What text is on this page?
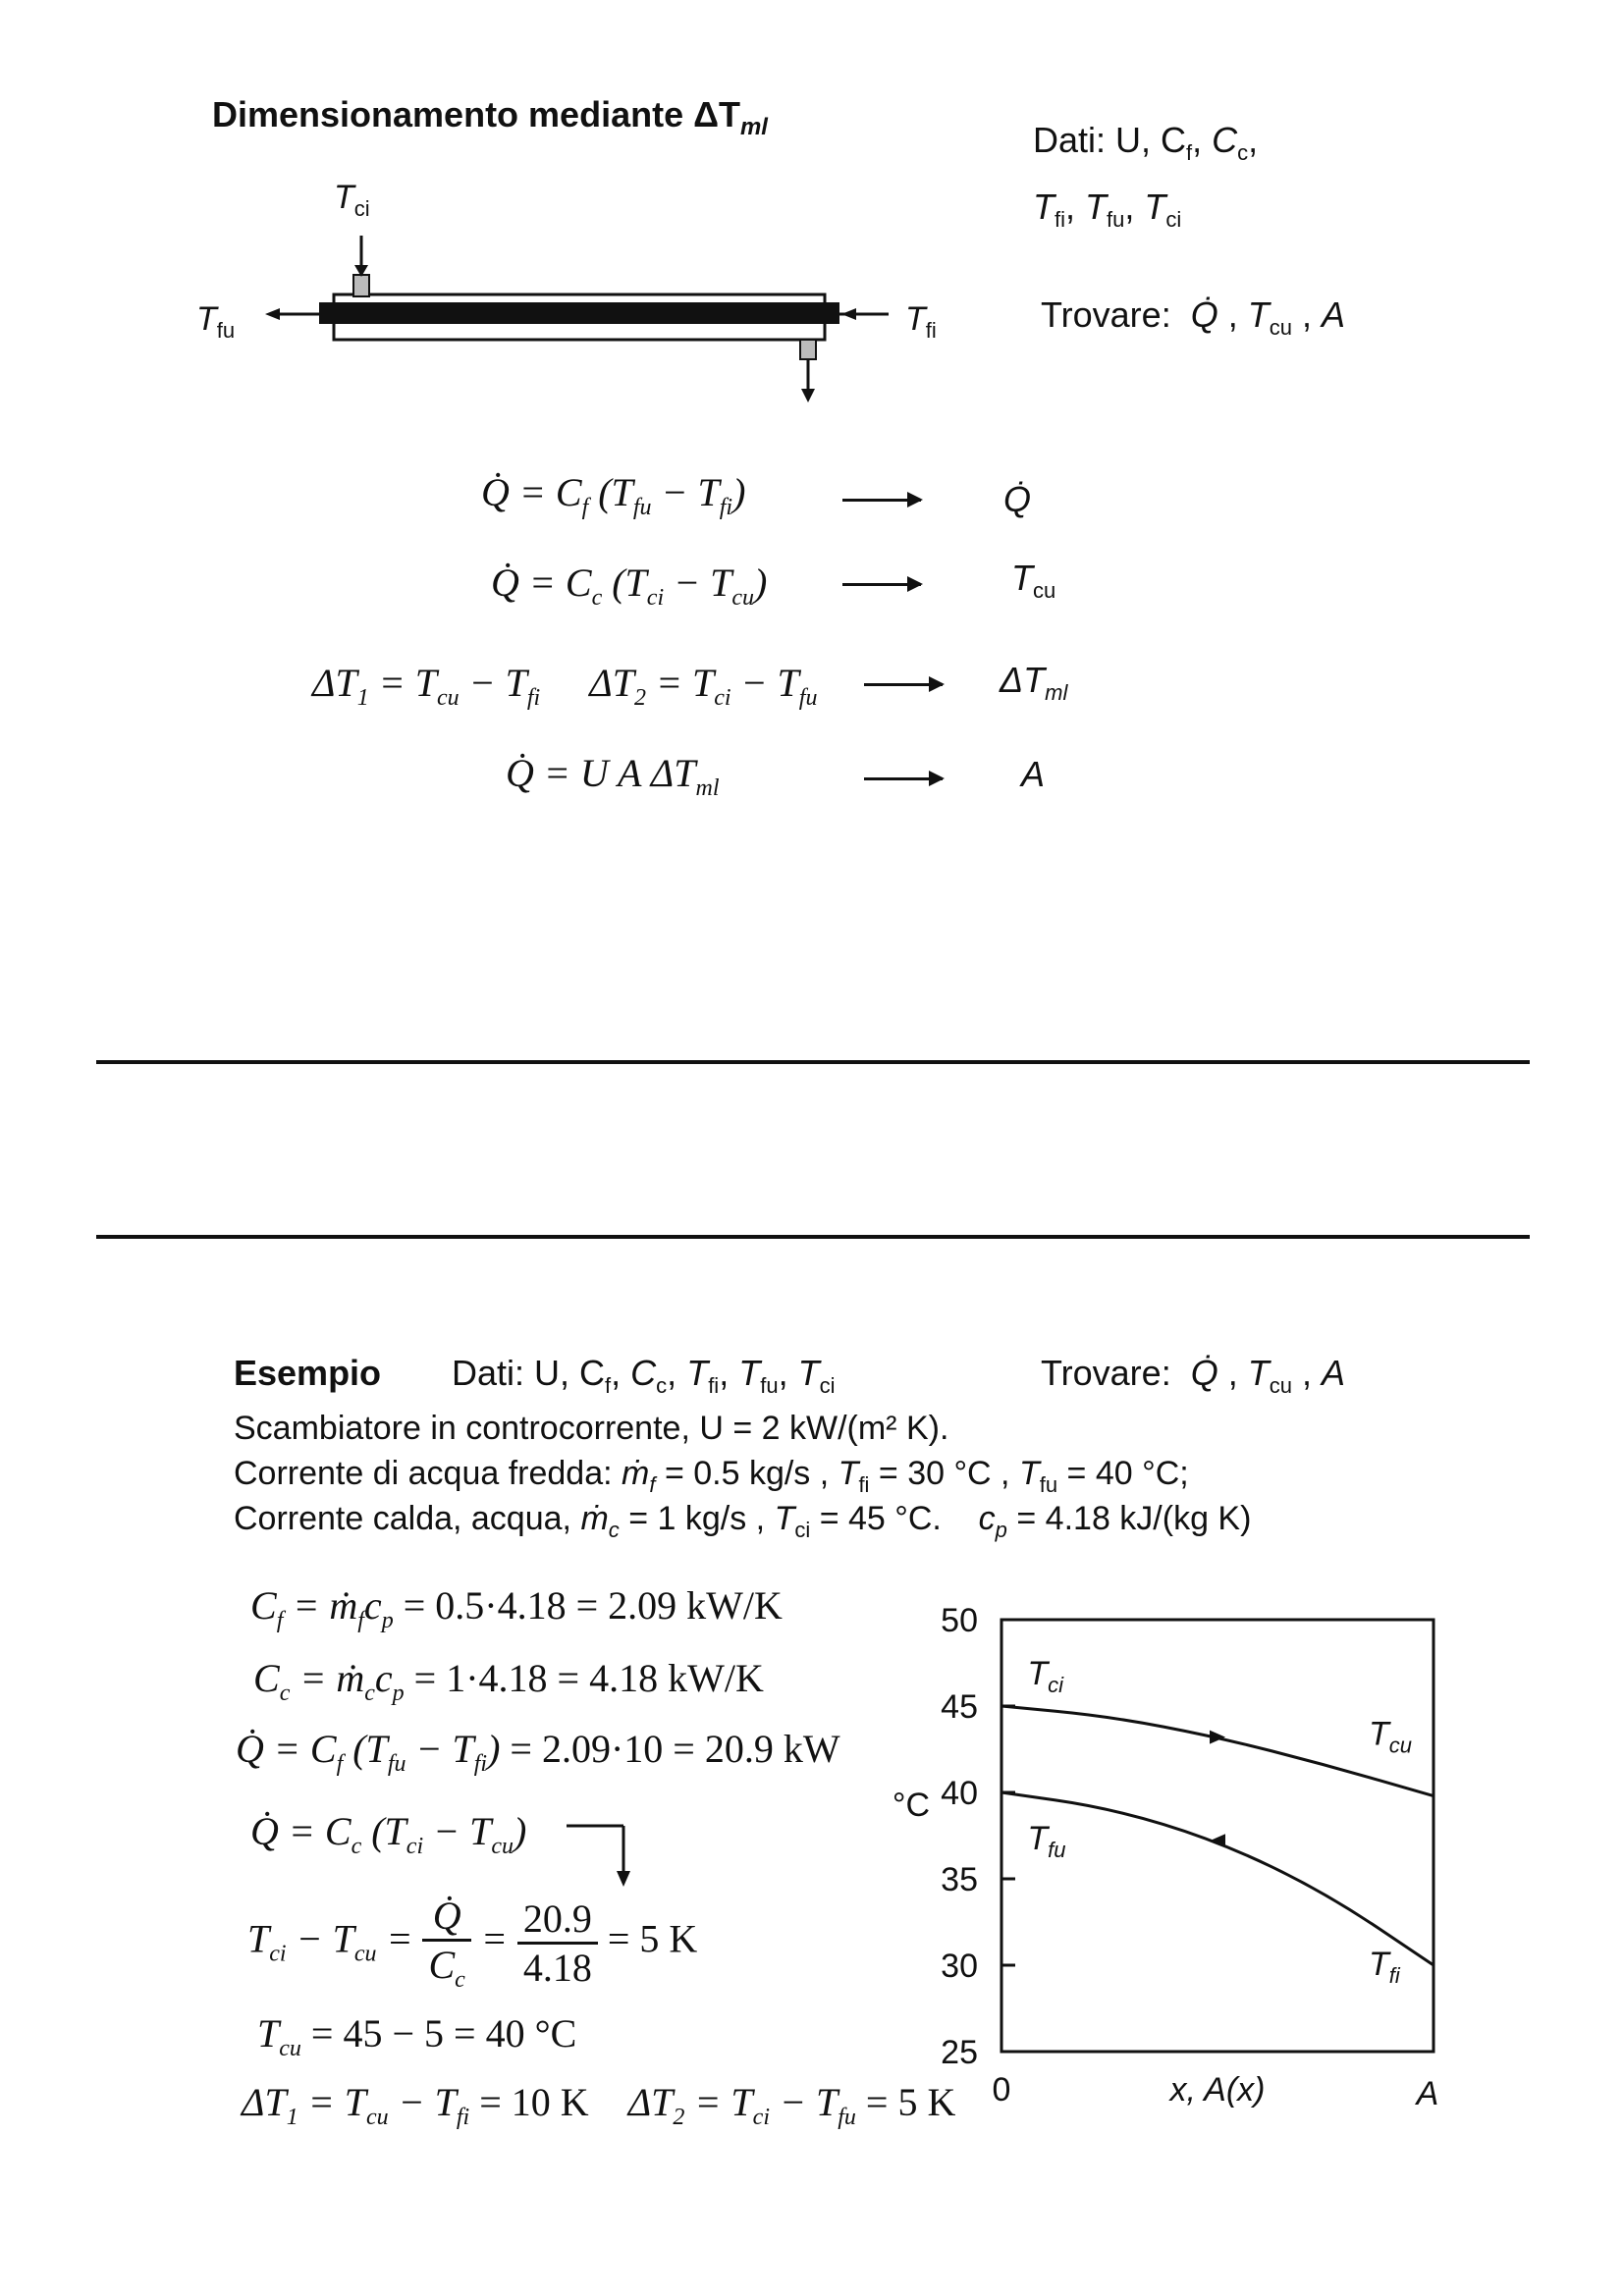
Dimensionamento mediante $\Delta T_{ml}$	Dati: U, $C_f$, $C_c$,
$T_{fi}$, $T_{fu}$, $T_{ci}$
Trovare: Q̇ , $T_{cu}$ , A
$T_{ci}$
$T_{fu}$	$T_{fi}$
Q̇ = $C_f$ $(T_{fu} - T_{fi})$	Q̇
Q̇ = $C_c$ $(T_{ci} - T_{cu})$	$T_{cu}$
$\Delta T_1 = T_{cu} - T_{fi}$     $\Delta T_2 = T_{ci} - T_{fu}$	$\Delta T_{ml}$
Q̇ = U A $\Delta T_{ml}$	A
Esempio Dati: U, $C_f$, $C_c$, $T_{fi}$, $T_{fu}$, $T_{ci}$	Trovare: Q̇ , $T_{cu}$ , A
Scambiatore in controcorrente, U = 2 kW/(m² K).
Corrente di acqua fredda: ṁ$_f$ = 0.5 kg/s , $T_{fi} = 30$ °C , $T_{fu} = 40$ °C;
Corrente calda, acqua, ṁ$_c$ = 1 kg/s , $T_{ci} = 45$ °C. $c_p = 4.18$ kJ/(kg K)
$C_f$ = $ṁ_fc_p = 0.5\cdot 4.18 = 2.09$ kW/K
$C_c$ = $ṁ_cc_p = 1\cdot 4.18 = 4.18$ kW/K
Q̇ = $C_f$ $(T_{fu} - T_{fi}) = 2.09\cdot 10 = 20.9$ kW
Q̇ = $C_c$ $(T_{ci} - T_{cu})$
$T_{ci} - T_{cu} = \frac{Q̇}{C_c} = \frac{20.9}{4.18} = 5$ K
$T_{cu} = 45 - 5 = 40$ °C
$\Delta T_1 = T_{cu} - T_{fi} = 10$ K    $\Delta T_2 = T_{ci} - T_{fu} = 5$ K
50
45
40
35
30
25
°C
0	A
x, A(x)
$T_{ci}$
$T_{cu}$
$T_{fu}$
$T_{fi}$
